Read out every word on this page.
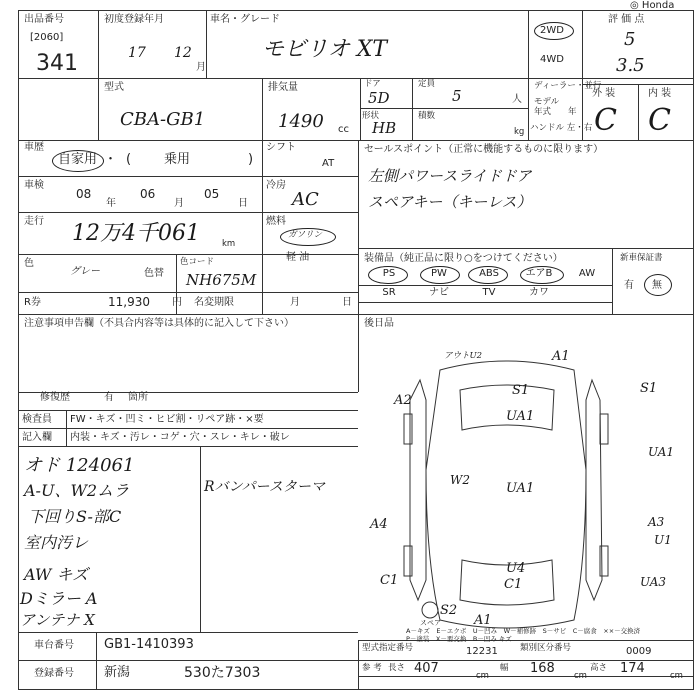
出品番号
[2060]
341
初度登録年月
17 12
月
車名・グレード
モビリオ XT
2WD
4WD
評 価 点
◎ Honda
5
3.5
外 装	内 装
C C
型式
CBA-GB1
排気量
1490 cc
ドア
5D
定員
5	人
形状
HB
積数
kg
ディーラー・並行
モデル
年式 年
ハンドル 左・右
車歴
自家用 ・ (	乗用	)
シフト
AT
車検
08
年
06
月
05
日
冷房
AC
走行 12万4千061	km
燃料
ガソリン
軽 油
色
グレー	色替
色コード
NH675M
R券	11,930 円 名変期限	月	日
セールスポイント（正常に機能するものに限ります）
左側パワースライドドア
スペアキー（キーレス）
装備品（純正品に限り○をつけてください）	新車保証書
有 無
PS	PW	ABS	エアB	AW
SR	ナビ	TV	カワ
後日品
注意事項申告欄（不具合内容等は具体的に記入して下さい）
修復歴	有 箇所
検査員
記入欄
FW・キズ・凹ミ・ヒビ割・リペア跡・×要
内装・キズ・汚レ・コゲ・穴・スレ・キレ・破レ
オド 124061
A-U、W2ムラ
下回りS-部C
室内汚レ
AW キズ
Dミラー A
アンテナ X
Rバンパースターマ
アウトU2	A1
A2
S1
UA1
S1
UA1
W2
UA1
A4	A3
U1
C1
U4
C1	UA3
S2
A1
スペア
A－キズ　E－エクボ　U－凹み　W－補修跡　S－サビ　C－腐食　××－交換済
P－塗装　X－要交換　B－凹み キズ
車台番号 GB1-1410393
登録番号 新潟	530た7303
型式指定番号	12231	類別区分番号	0009
参 考 長さ 407	cm
幅 168 cm
高さ 174	cm
